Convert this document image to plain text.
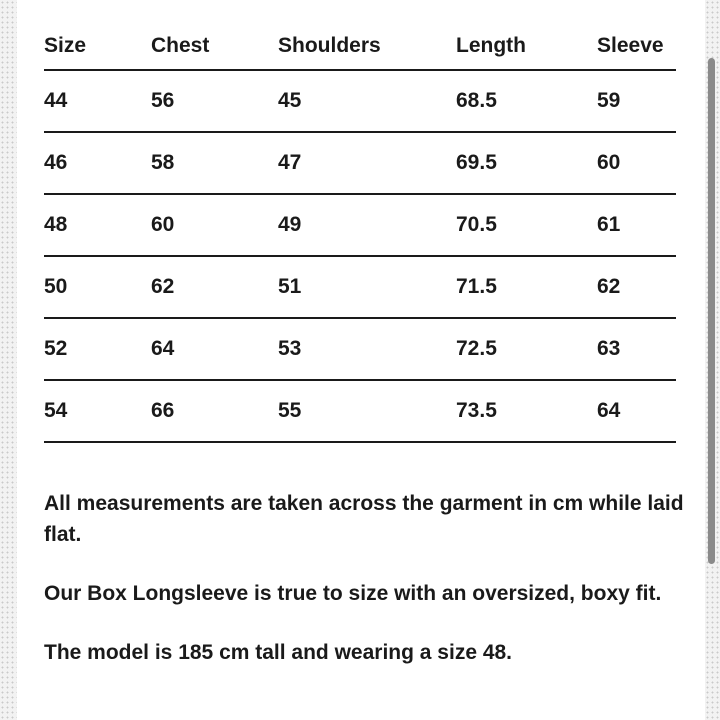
Size	Chest	Shoulders	Length	Sleeve
44	56	45	68.5	59
46	58	47	69.5	60
48	60	49	70.5	61
50	62	51	71.5	62
52	64	53	72.5	63
54	66	55	73.5	64

All measurements are taken across the garment in cm while laid flat.

Our Box Longsleeve is true to size with an oversized, boxy fit.

The model is 185 cm tall and wearing a size 48.
